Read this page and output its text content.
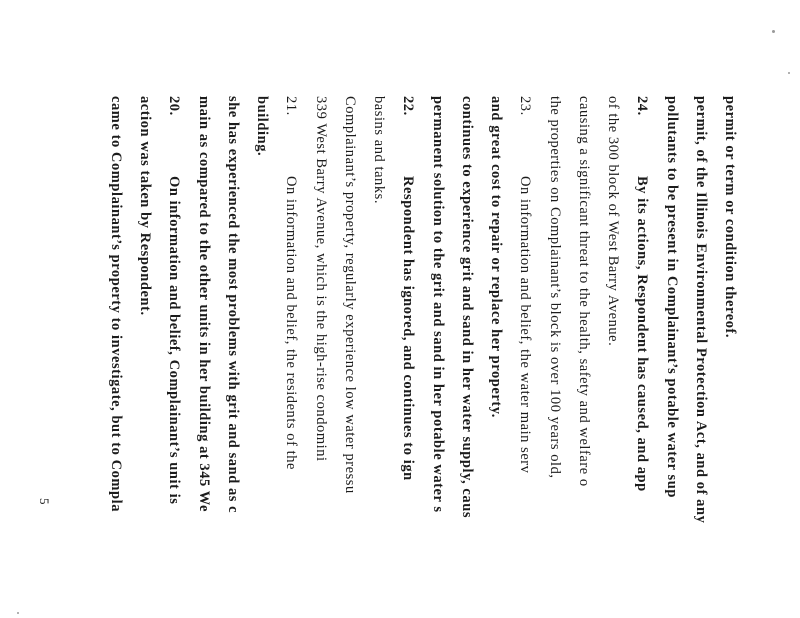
came to Complainant’s property to investigate, but to Compla action was taken by Respondent. 20.On information and belief, Complainant’s unit is main as compared to the other units in her building at 345 We she has experienced the most problems with grit and sand as c building. 21.On information and belief, the residents of the 339 West Barry Avenue, which is the high-rise condomini Complainant’s property, regularly experience low water pressu basins and tanks. 22.Respondent has ignored, and continues to ign permanent solution to the grit and sand in her potable water s continues to experience grit and sand in her water supply, caus and great cost to repair or replace her property. 23.On information and belief, the water main serv the properties on Complainant’s block is over 100 years old, causing a significant threat to the health, safety and welfare o of the 300 block of West Barry Avenue. 24.By its actions, Respondent has caused, and app pollutants to be present in Complainant’s potable water sup permit, of the Illinois Environmental Protection Act, and of any permit or term or condition thereof.
5
